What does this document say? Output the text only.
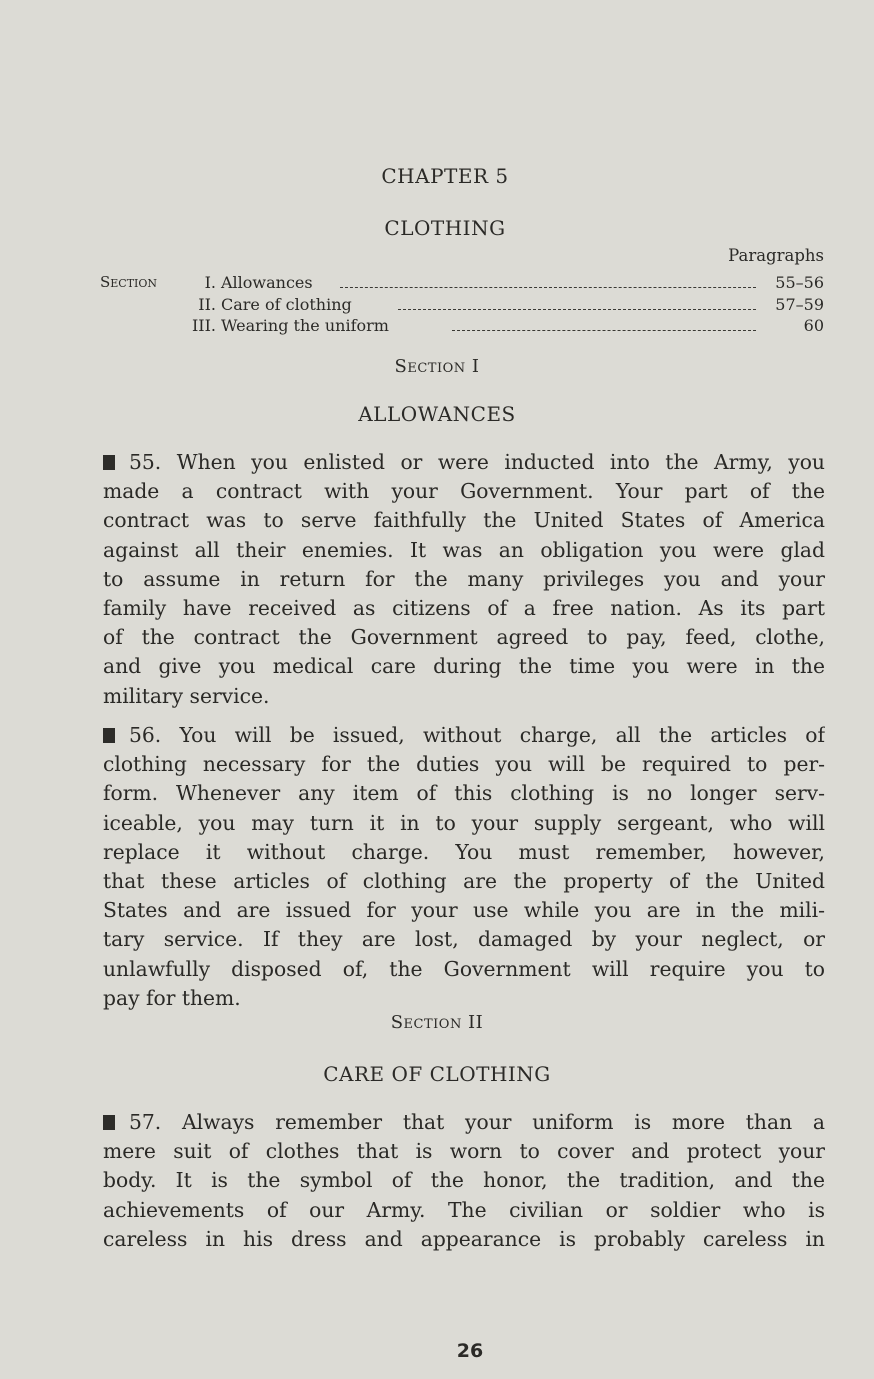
CHAPTER 5
CLOTHING
Paragraphs
Section	I. Allowances	55–56
II. Care of clothing	57–59
III. Wearing the uniform	60
Section I
ALLOWANCES
55. When you enlisted or were inducted into the Army, you
made a contract with your Government. Your part of the
contract was to serve faithfully the United States of America
against all their enemies. It was an obligation you were glad
to assume in return for the many privileges you and your
family have received as citizens of a free nation. As its part
of the contract the Government agreed to pay, feed, clothe,
and give you medical care during the time you were in the
military service.
56. You will be issued, without charge, all the articles of
clothing necessary for the duties you will be required to per-
form. Whenever any item of this clothing is no longer serv-
iceable, you may turn it in to your supply sergeant, who will
replace it without charge. You must remember, however,
that these articles of clothing are the property of the United
States and are issued for your use while you are in the mili-
tary service. If they are lost, damaged by your neglect, or
unlawfully disposed of, the Government will require you to
pay for them.
Section II
CARE OF CLOTHING
57. Always remember that your uniform is more than a
mere suit of clothes that is worn to cover and protect your
body. It is the symbol of the honor, the tradition, and the
achievements of our Army. The civilian or soldier who is
careless in his dress and appearance is probably careless in
26
